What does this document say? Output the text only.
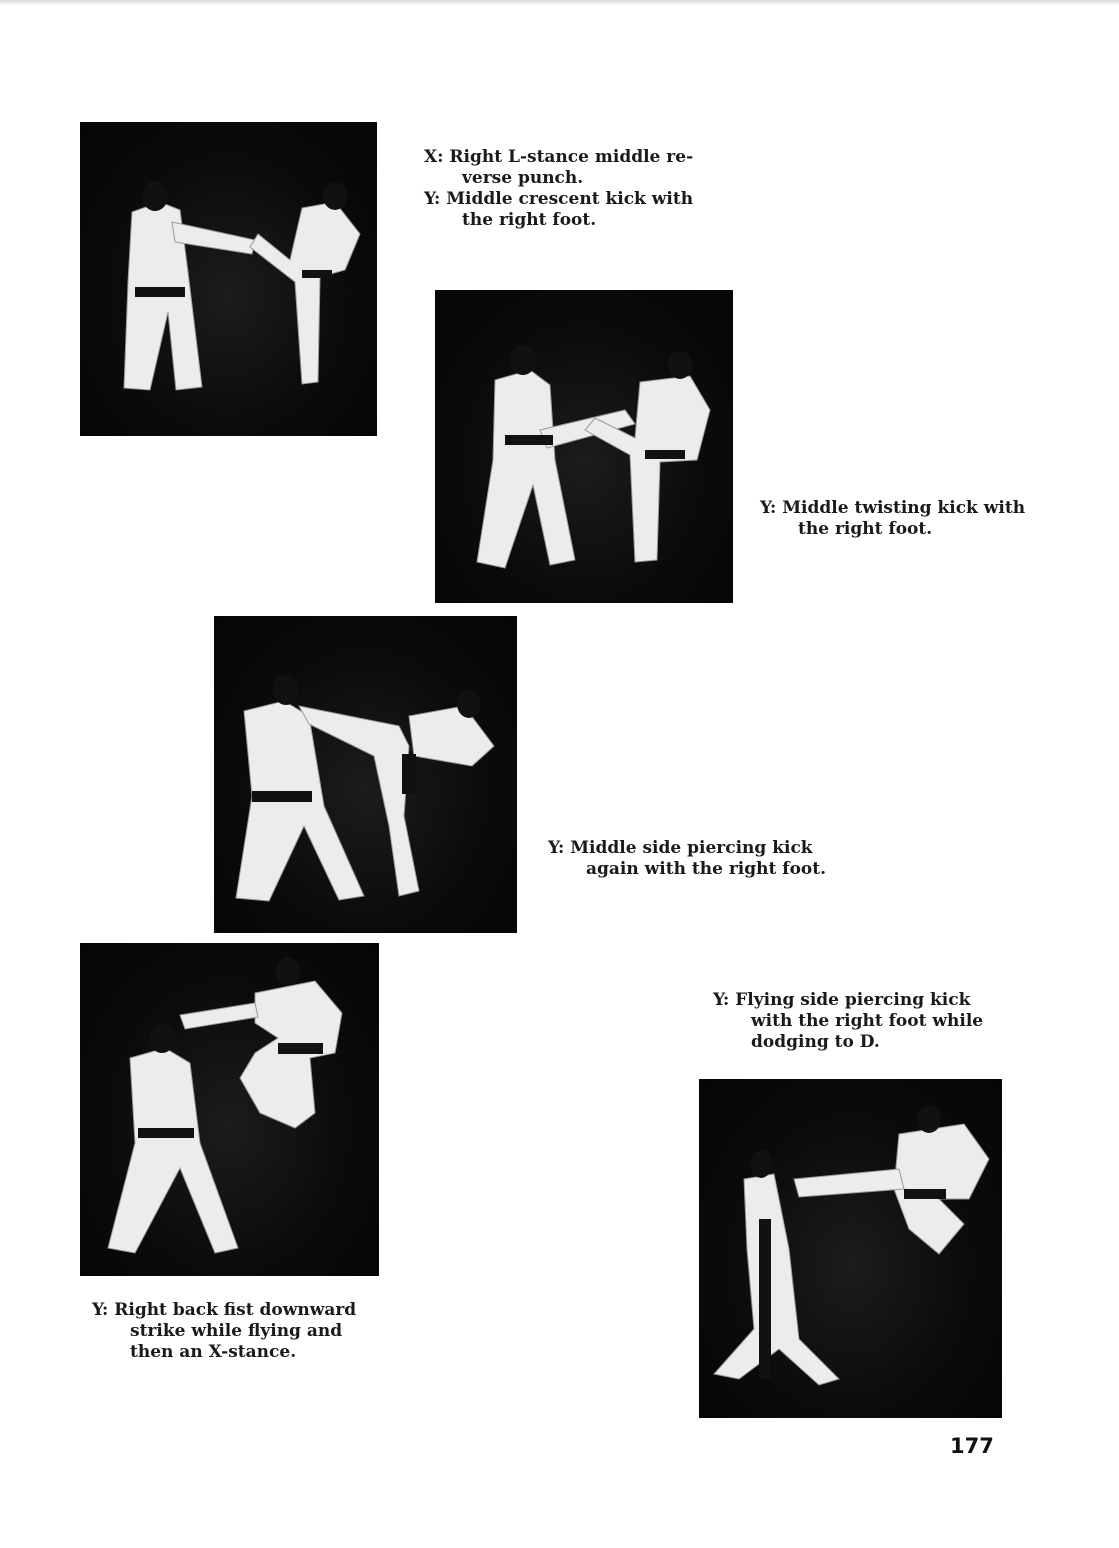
X: Right L-stance middle re-
verse punch.
Y: Middle crescent kick with
the right foot.
Y: Middle twisting kick with
the right foot.
Y: Middle side piercing kick
again with the right foot.
Y: Right back fist downward
strike while flying and
then an X-stance.
Y: Flying side piercing kick
with the right foot while
dodging to D.
177
